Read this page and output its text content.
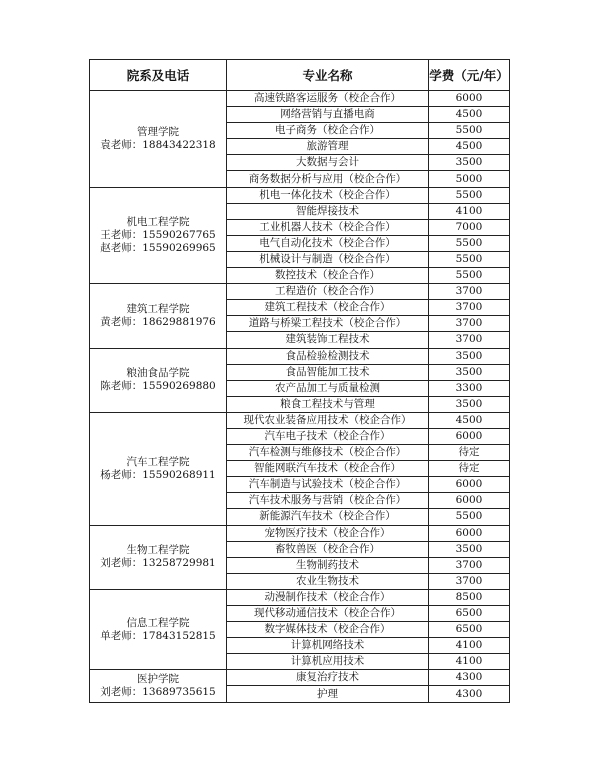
院系及电话	专业名称	学费（元/年）

管理学院
袁老师：18843422318	高速铁路客运服务（校企合作）	6000
	网络营销与直播电商	4500
	电子商务（校企合作）	5500
	旅游管理	4500
	大数据与会计	3500
	商务数据分析与应用（校企合作）	5000

机电工程学院
王老师：15590267765
赵老师：15590269965	机电一体化技术（校企合作）	5500
	智能焊接技术	4100
	工业机器人技术（校企合作）	7000
	电气自动化技术（校企合作）	5500
	机械设计与制造（校企合作）	5500
	数控技术（校企合作）	5500

建筑工程学院
黄老师：18629881976	工程造价（校企合作）	3700
	建筑工程技术（校企合作）	3700
	道路与桥梁工程技术（校企合作）	3700
	建筑装饰工程技术	3700

粮油食品学院
陈老师：15590269880	食品检验检测技术	3500
	食品智能加工技术	3500
	农产品加工与质量检测	3300
	粮食工程技术与管理	3500

汽车工程学院
杨老师：15590268911	现代农业装备应用技术（校企合作）	4500
	汽车电子技术（校企合作）	6000
	汽车检测与维修技术（校企合作）	待定
	智能网联汽车技术（校企合作）	待定
	汽车制造与试验技术（校企合作）	6000
	汽车技术服务与营销（校企合作）	6000
	新能源汽车技术（校企合作）	5500

生物工程学院
刘老师：13258729981	宠物医疗技术（校企合作）	6000
	畜牧兽医（校企合作）	3500
	生物制药技术	3700
	农业生物技术	3700

信息工程学院
单老师：17843152815	动漫制作技术（校企合作）	8500
	现代移动通信技术（校企合作）	6500
	数字媒体技术（校企合作）	6500
	计算机网络技术	4100
	计算机应用技术	4100

医护学院
刘老师：13689735615	康复治疗技术	4300
	护理	4300
